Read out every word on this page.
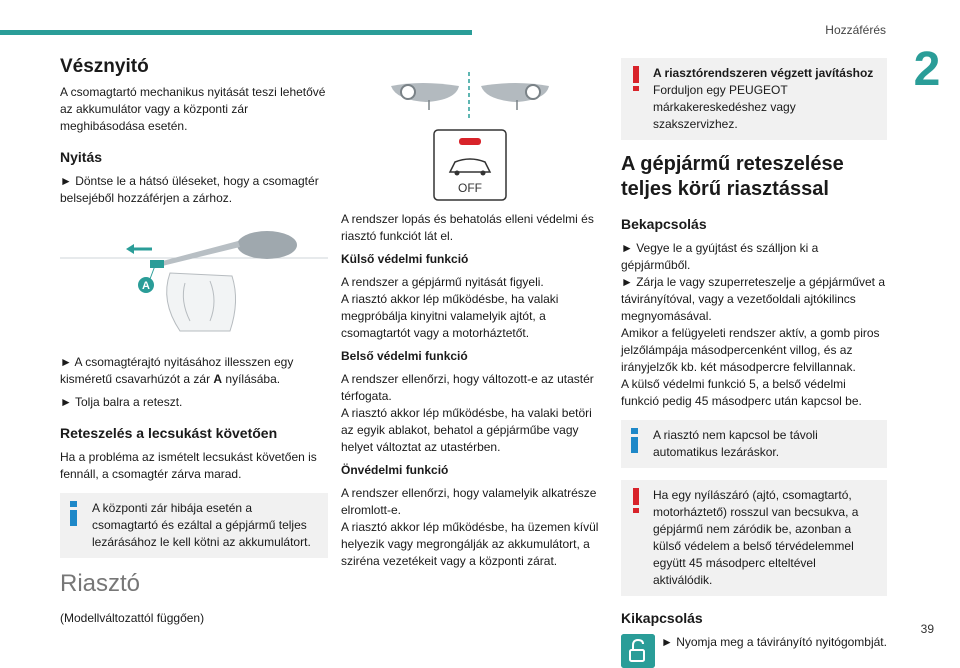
Hozzáférés
2
Vésznyitó

A csomagtartó mechanikus nyitását teszi lehetővé az akkumulátor vagy a központi zár meghibásodása esetén.

Nyitás

► Döntse le a hátsó üléseket, hogy a csomagtér belsejéből hozzáférjen a zárhoz.

A

► A csomagtérajtó nyitásához illesszen egy kisméretű csavarhúzót a zár A nyílásába.

► Tolja balra a reteszt.

Reteszelés a lecsukást követően

Ha a probléma az ismételt lecsukást követően is fennáll, a csomagtér zárva marad.

A központi zár hibája esetén a csomagtartó és ezáltal a gépjármű teljes lezárásához le kell kötni az akkumulátort.
Riasztó

(Modellváltozattól függően)

OFF

A rendszer lopás és behatolás elleni védelmi és riasztó funkciót lát el.

Külső védelmi funkció

A rendszer a gépjármű nyitását figyeli.

A riasztó akkor lép működésbe, ha valaki megpróbálja kinyitni valamelyik ajtót, a csomagtartót vagy a motorháztetőt.

Belső védelmi funkció

A rendszer ellenőrzi, hogy változott-e az utastér térfogata.

A riasztó akkor lép működésbe, ha valaki betöri az egyik ablakot, behatol a gépjárműbe vagy helyet változtat az utastérben.

Önvédelmi funkció

A rendszer ellenőrzi, hogy valamelyik alkatrésze elromlott-e.

A riasztó akkor lép működésbe, ha üzemen kívül helyezik vagy megrongálják az akkumulátort, a sziréna vezetékeit vagy a központi zárat.

A riasztórendszeren végzett javításhoz
Forduljon egy PEUGEOT márkakereskedéshez vagy szakszervizhez.
A gépjármű reteszelése teljes körű riasztással
Bekapcsolás

► Vegye le a gyújtást és szálljon ki a gépjárműből.

► Zárja le vagy szuperreteszelje a gépjárművet a távirányítóval, vagy a vezetőoldali ajtókilincs megnyomásával.

Amikor a felügyeleti rendszer aktív, a gomb piros jelzőlámpája másodpercenként villog, és az irányjelzők kb. két másodpercre felvillannak.

A külső védelmi funkció 5, a belső védelmi funkció pedig 45 másodperc után kapcsol be.

A riasztó nem kapcsol be távoli automatikus lezáráskor.
Ha egy nyílászáró (ajtó, csomagtartó, motorháztető) rosszul van becsukva, a gépjármű nem záródik be, azonban a külső védelem a belső térvédelemmel együtt 45 másodperc elteltével aktiválódik.
Kikapcsolás

► Nyomja meg a távirányító nyitógombját.

39
